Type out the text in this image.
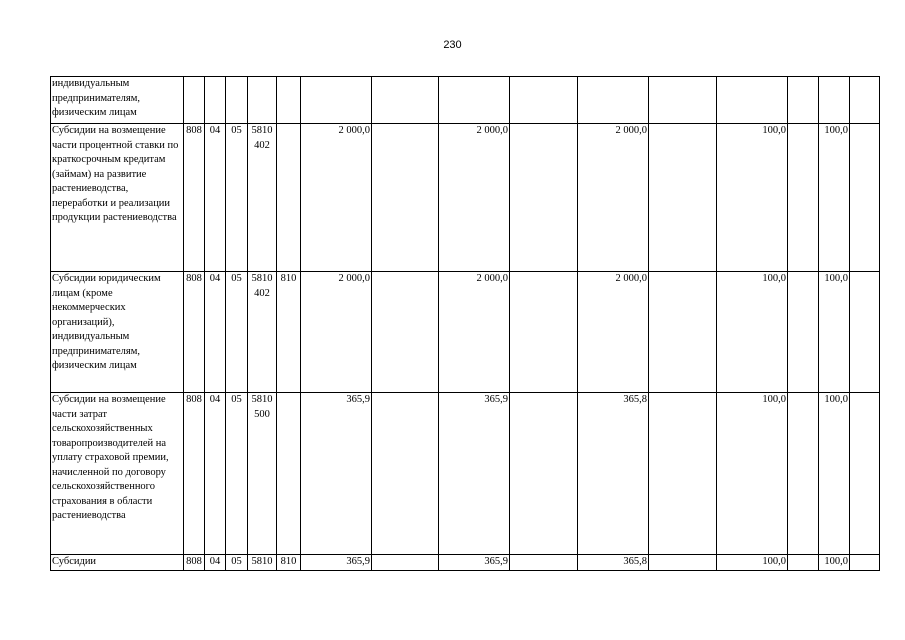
230
индивидуальным предпринимателям, физическим лицам															
Субсидии на возмещение части процентной ставки по краткосрочным кредитам (займам) на развитие растениеводства, переработки и реализации продукции растениеводства	808	04	05	5810 402		2 000,0		2 000,0		2 000,0		100,0		100,0	
Субсидии юридическим лицам (кроме некоммерческих организаций), индивидуальным предпринимателям, физическим лицам	808	04	05	5810 402	810	2 000,0		2 000,0		2 000,0		100,0		100,0	
Субсидии на возмещение части затрат сельскохозяйственных товаропроизводителей на уплату страховой премии, начисленной по договору сельскохозяйственного страхования в области растениеводства	808	04	05	5810 500		365,9		365,9		365,8		100,0		100,0	
Субсидии	808	04	05	5810	810	365,9		365,9		365,8		100,0		100,0	
